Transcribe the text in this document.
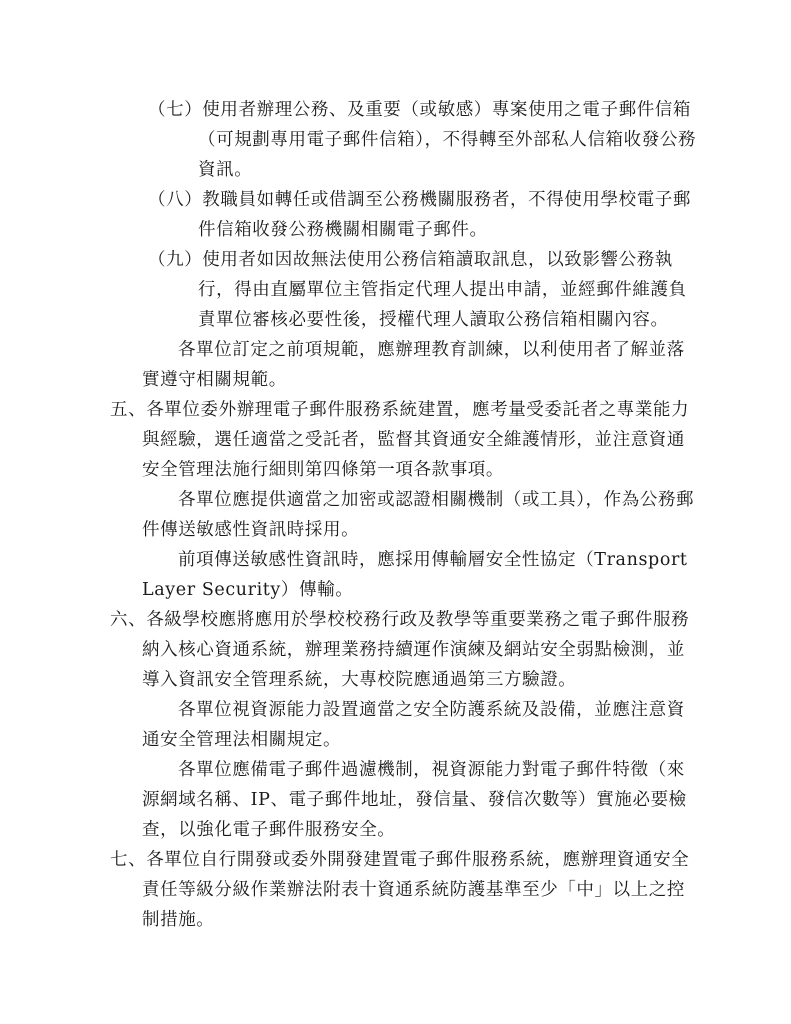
（七）使用者辦理公務、及重要（或敏感）專案使用之電子郵件信箱
（可規劃專用電子郵件信箱），不得轉至外部私人信箱收發公務
資訊。
（八）教職員如轉任或借調至公務機關服務者，不得使用學校電子郵
件信箱收發公務機關相關電子郵件。
（九）使用者如因故無法使用公務信箱讀取訊息，以致影響公務執
行，得由直屬單位主管指定代理人提出申請，並經郵件維護負
責單位審核必要性後，授權代理人讀取公務信箱相關內容。
各單位訂定之前項規範，應辦理教育訓練，以利使用者了解並落
實遵守相關規範。
五、各單位委外辦理電子郵件服務系統建置，應考量受委託者之專業能力
與經驗，選任適當之受託者，監督其資通安全維護情形，並注意資通
安全管理法施行細則第四條第一項各款事項。
各單位應提供適當之加密或認證相關機制（或工具），作為公務郵
件傳送敏感性資訊時採用。
前項傳送敏感性資訊時，應採用傳輸層安全性協定（Transport
Layer Security）傳輸。
六、各級學校應將應用於學校校務行政及教學等重要業務之電子郵件服務
納入核心資通系統，辦理業務持續運作演練及網站安全弱點檢測，並
導入資訊安全管理系統，大專校院應通過第三方驗證。
各單位視資源能力設置適當之安全防護系統及設備，並應注意資
通安全管理法相關規定。
各單位應備電子郵件過濾機制，視資源能力對電子郵件特徵（來
源網域名稱、IP、電子郵件地址，發信量、發信次數等）實施必要檢
查，以強化電子郵件服務安全。
七、各單位自行開發或委外開發建置電子郵件服務系統，應辦理資通安全
責任等級分級作業辦法附表十資通系統防護基準至少「中」以上之控
制措施。
